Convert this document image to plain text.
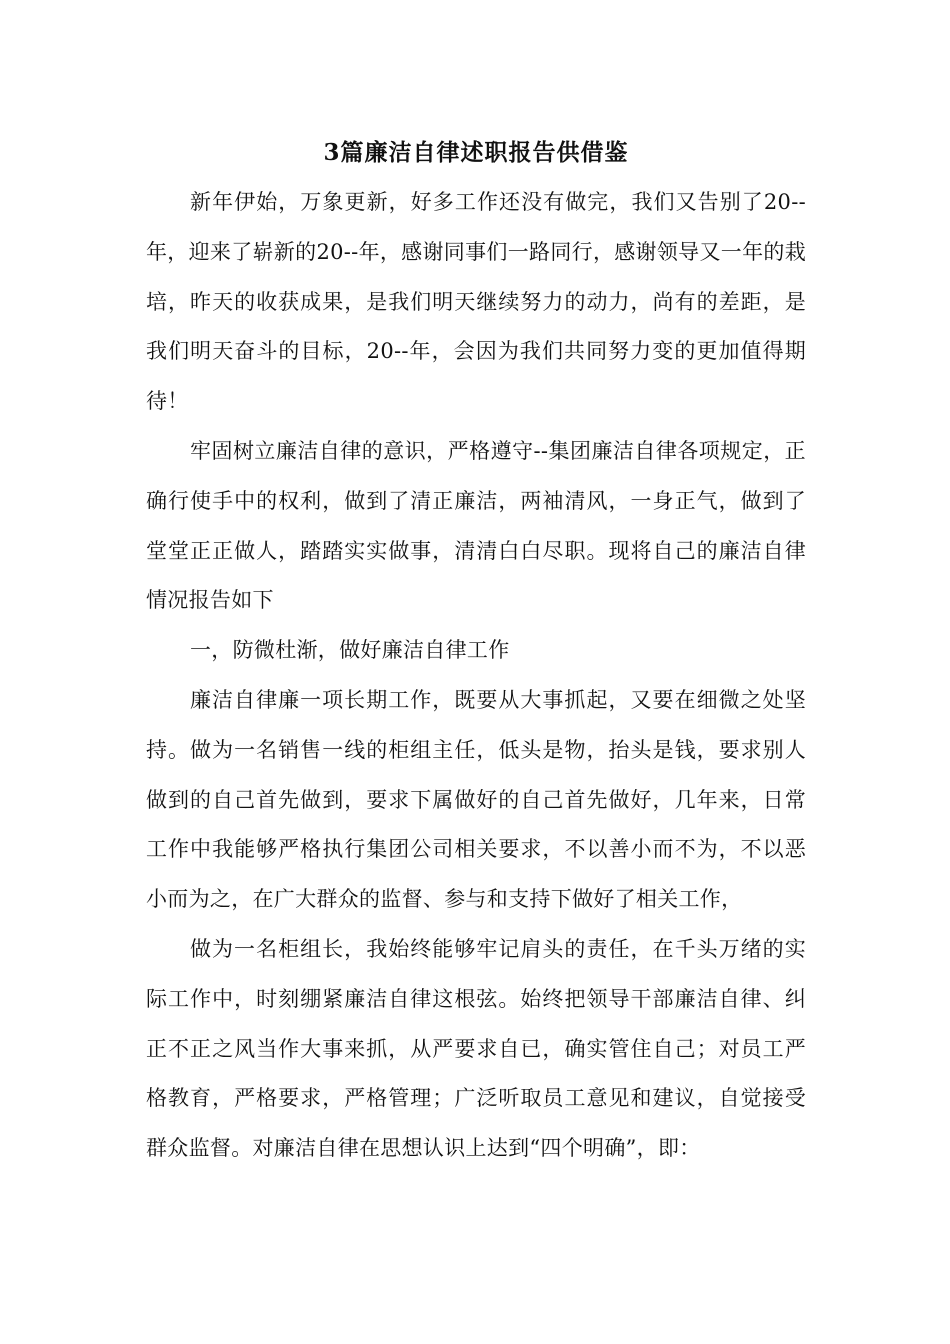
3篇廉洁自律述职报告供借鉴

新年伊始，万象更新，好多工作还没有做完，我们又告别了20--年，迎来了崭新的20--年，感谢同事们一路同行，感谢领导又一年的栽培，昨天的收获成果，是我们明天继续努力的动力，尚有的差距，是我们明天奋斗的目标，20--年，会因为我们共同努力变的更加值得期待！

牢固树立廉洁自律的意识，严格遵守--集团廉洁自律各项规定，正确行使手中的权利，做到了清正廉洁，两袖清风，一身正气，做到了堂堂正正做人，踏踏实实做事，清清白白尽职。现将自己的廉洁自律情况报告如下

一，防微杜渐，做好廉洁自律工作

廉洁自律廉一项长期工作，既要从大事抓起，又要在细微之处坚持。做为一名销售一线的柜组主任，低头是物，抬头是钱，要求别人做到的自己首先做到，要求下属做好的自己首先做好，几年来，日常工作中我能够严格执行集团公司相关要求，不以善小而不为，不以恶小而为之，在广大群众的监督、参与和支持下做好了相关工作，

做为一名柜组长，我始终能够牢记肩头的责任，在千头万绪的实际工作中，时刻绷紧廉洁自律这根弦。始终把领导干部廉洁自律、纠正不正之风当作大事来抓，从严要求自已，确实管住自己；对员工严格教育，严格要求，严格管理；广泛听取员工意见和建议，自觉接受群众监督。对廉洁自律在思想认识上达到“四个明确”，即：
